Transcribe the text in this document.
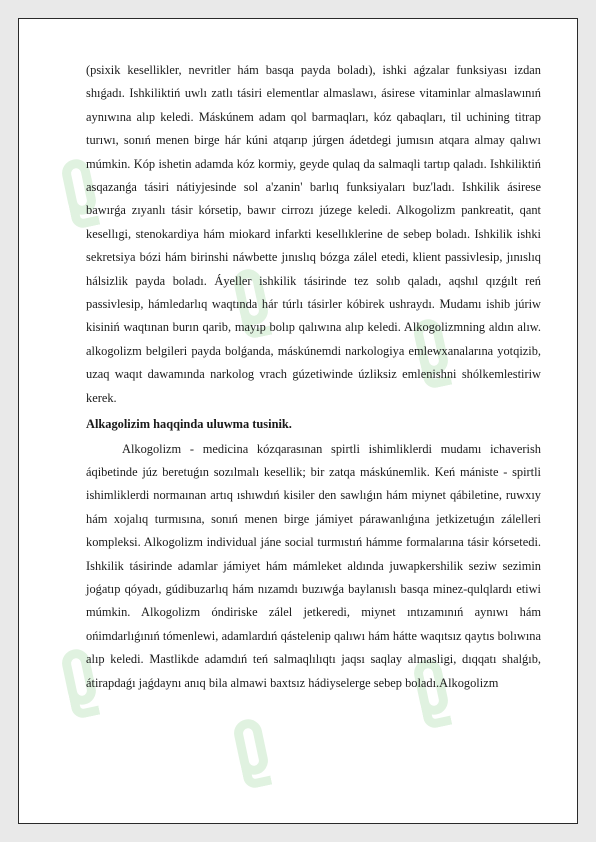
(psixik kesellikler, nevritler hám basqa payda boladı), ishki aǵzalar funksiyası izdan shıǵadı. Ishkiliktiń uwlı zatlı tásiri elementlar almaslawı, ásirese vitaminlar almaslawınıń aynıwına alıp keledi. Máskúnem adam qol barmaqları, kóz qabaqları, til uchining titrap turıwı, sonıń menen birge hár kúni atqarıp júrgen ádetdegi jumısın atqara almay qalıwı múmkin. Kóp ishetin adamda kóz kormiy, geyde qulaq da salmaqli tartıp qaladı. Ishkiliktiń asqazanǵa tásiri nátiyjesinde sol a'zanin' barlıq funksiyaları buz'ladı. Ishkilik ásirese bawırǵa zıyanlı tásir kórsetip, bawır cirrozı júzege keledi. Alkogolizm pankreatit, qant kesellıgi, stenokardiya hám miokard infarkti kesellıklerine de sebep boladı. Ishkilik ishki sekretsiya bózi hám birinshi náwbette jınıslıq bózga zálel etedi, klient passivlesip, jınıslıq hálsizlik payda boladı. Áyeller ishkilik tásirinde tez solıb qaladı, aqshıl qızǵılt reń passivlesip, hámledarlıq waqtında hár túrlı tásirler kóbirek ushraydı. Mudamı ishib júriw kisiniń waqtınan burın qarib, mayıp bolıp qalıwına alıp keledi. Alkogolizmning aldın alıw. alkogolizm belgileri payda bolǵanda, máskúnemdi narkologiya emlewxanalarına yotqizib, uzaq waqıt dawamında narkolog vrach gúzetiwinde úzliksiz emlenishni shólkemlestiriw kerek.

Alkagolizim haqqinda uluwma tusinik.

Alkogolizm - medicina kózqarasınan spirtli ishimliklerdi mudamı ichaverish áqibetinde júz beretuǵın sozılmalı kesellik; bir zatqa máskúnemlik. Keń mániste - spirtli ishimliklerdi normaınan artıq ıshıwdıń kisiler den sawlıǵın hám miynet qábiletine, ruwxıy hám xojalıq turmısına, sonıń menen birge jámiyet párawanlıǵına jetkizetuǵın zálelleri kompleksi. Alkogolizm individual jáne social turmıstıń hámme formalarına tásir kórsetedi. Ishkilik tásirinde adamlar jámiyet hám mámleket aldında juwapkershilik seziw sezimin joǵatıp qóyadı, gúdibuzarlıq hám nızamdı buzıwǵa baylanıslı basqa minez-qulqlardı etiwi múmkin. Alkogolizm óndiriske zálel jetkeredi, miynet ıntızamınıń aynıwı hám ońimdarlıǵınıń tómenlewi, adamlardıń qástelenip qalıwı hám hátte waqıtsız qaytıs bolıwına alıp keledi. Mastlikde adamdıń teń salmaqlılıqtı jaqsı saqlay almasligi, dıqqatı shalǵıb, átirapdaǵı jaǵdaynı anıq bila almawi baxtsız hádiyselerge sebep boladı.Alkogolizm
